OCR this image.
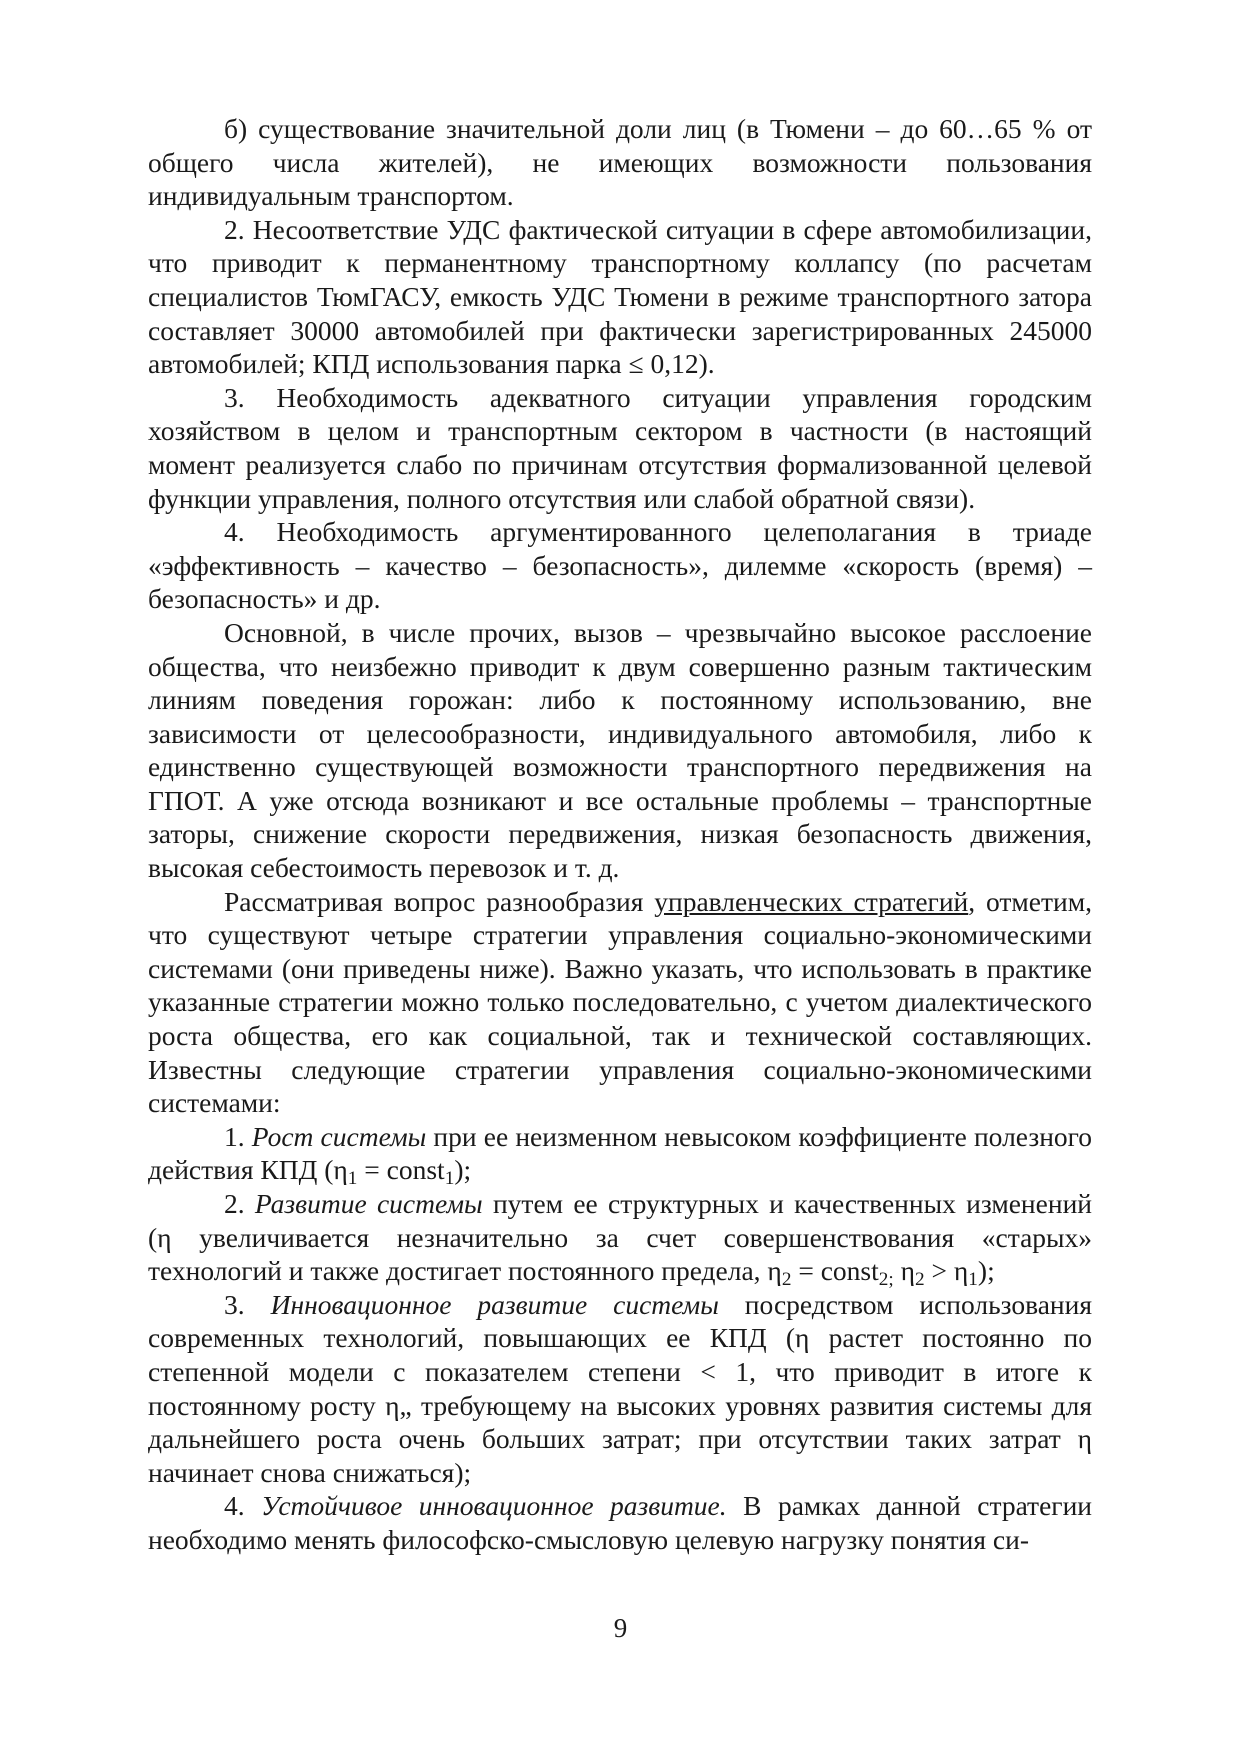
б) существование значительной доли лиц (в Тюмени – до 60…65 % от общего числа жителей), не имеющих возможности пользования индивидуальным транспортом.

2. Несоответствие УДС фактической ситуации в сфере автомобилизации, что приводит к перманентному транспортному коллапсу (по расчетам специалистов ТюмГАСУ, емкость УДС Тюмени в режиме транспортного затора составляет 30000 автомобилей при фактически зарегистрированных 245000 автомобилей; КПД использования парка ≤ 0,12).

3. Необходимость адекватного ситуации управления городским хозяйством в целом и транспортным сектором в частности (в настоящий момент реализуется слабо по причинам отсутствия формализованной целевой функции управления, полного отсутствия или слабой обратной связи).

4. Необходимость аргументированного целеполагания в триаде «эффективность – качество – безопасность», дилемме «скорость (время) – безопасность» и др.

Основной, в числе прочих, вызов – чрезвычайно высокое расслоение общества, что неизбежно приводит к двум совершенно разным тактическим линиям поведения горожан: либо к постоянному использованию, вне зависимости от целесообразности, индивидуального автомобиля, либо к единственно существующей возможности транспортного передвижения на ГПОТ. А уже отсюда возникают и все остальные проблемы – транспортные заторы, снижение скорости передвижения, низкая безопасность движения, высокая себестоимость перевозок и т. д.

Рассматривая вопрос разнообразия управленческих стратегий, отметим, что существуют четыре стратегии управления социально-экономическими системами (они приведены ниже). Важно указать, что использовать в практике указанные стратегии можно только последовательно, с учетом диалектического роста общества, его как социальной, так и технической составляющих. Известны следующие стратегии управления социально-экономическими системами:

1. Рост системы при ее неизменном невысоком коэффициенте полезного действия КПД ($\eta_1$ = const$_1$);

2. Развитие системы путем ее структурных и качественных изменений (η увеличивается незначительно за счет совершенствования «старых» технологий и также достигает постоянного предела, $\eta_2$ = const$_{2;}$ $\eta_2 > \eta_1$);

3. Инновационное развитие системы посредством использования современных технологий, повышающих ее КПД (η растет постоянно по степенной модели с показателем степени < 1, что приводит в итоге к постоянному росту η„ требующему на высоких уровнях развития системы для дальнейшего роста очень больших затрат; при отсутствии таких затрат η начинает снова снижаться);

4. Устойчивое инновационное развитие. В рамках данной стратегии необходимо менять философско-смысловую целевую нагрузку понятия си-

9
